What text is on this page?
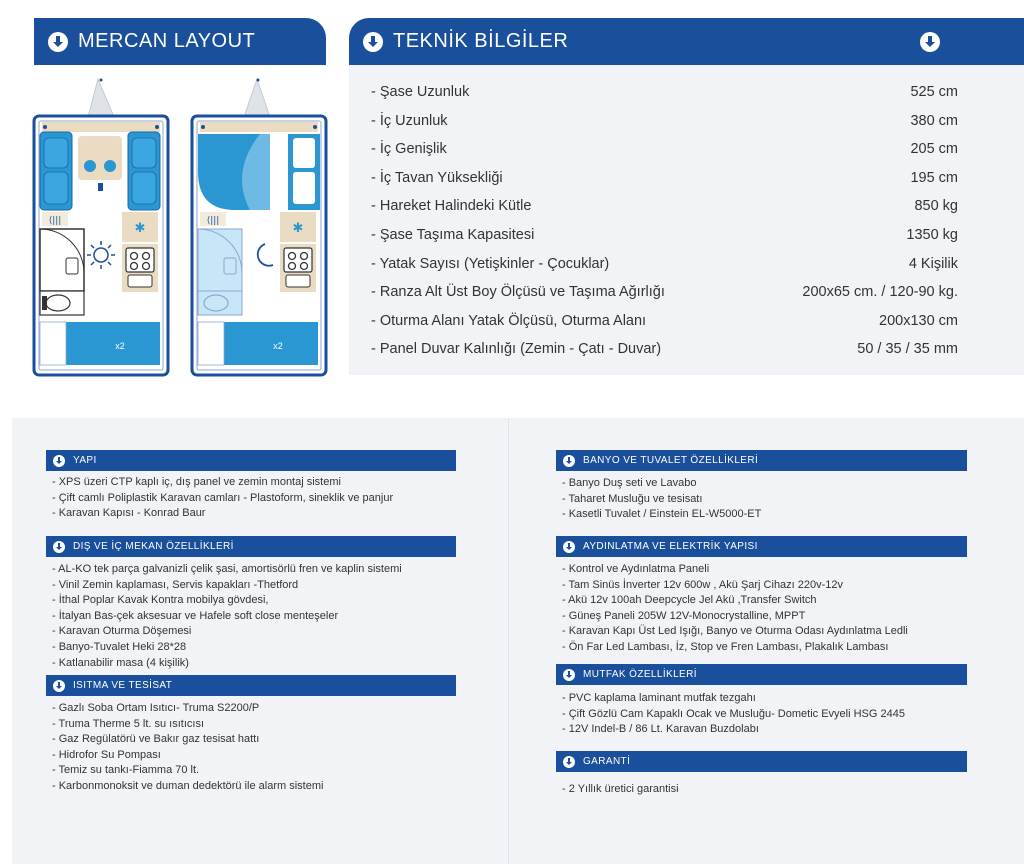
MERCAN LAYOUT	TEKNİK BİLGİLER
⟨|||	✱	⟨|||	✱
x2	x2
- Şase Uzunluk	525 cm
- İç Uzunluk	380 cm
- İç Genişlik	205 cm
- İç Tavan Yüksekliği	195 cm
- Hareket Halindeki Kütle	850 kg
- Şase Taşıma Kapasitesi	1350 kg
- Yatak Sayısı (Yetişkinler - Çocuklar)	4 Kişilik
- Ranza Alt Üst Boy Ölçüsü ve Taşıma Ağırlığı	200x65 cm. / 120-90 kg.
- Oturma Alanı Yatak Ölçüsü, Oturma Alanı	200x130 cm
- Panel Duvar Kalınlığı (Zemin - Çatı - Duvar)	50 / 35 / 35 mm
YAPI
- XPS üzeri CTP kaplı iç, dış panel ve zemin montaj sistemi
- Çift camlı Poliplastik Karavan camları - Plastoform, sineklik ve panjur
- Karavan Kapısı - Konrad Baur
DIŞ VE İÇ MEKAN ÖZELLİKLERİ
- AL-KO tek parça galvanizli çelik şasi, amortisörlü fren ve kaplin sistemi
- Vinil Zemin kaplaması, Servis kapakları -Thetford
- İthal Poplar Kavak Kontra mobilya gövdesi,
- İtalyan Bas-çek aksesuar ve Hafele soft close menteşeler
- Karavan Oturma Döşemesi
- Banyo-Tuvalet Heki 28*28
- Katlanabilir masa (4 kişilik)
ISITMA VE TESİSAT
- Gazlı Soba Ortam Isıtıcı- Truma S2200/P
- Truma Therme 5 lt. su ısıtıcısı
- Gaz Regülatörü ve Bakır gaz tesisat hattı
- Hidrofor Su Pompası
- Temiz su tankı-Fiamma 70 lt.
- Karbonmonoksit ve duman dedektörü ile alarm sistemi
BANYO VE TUVALET ÖZELLİKLERİ
- Banyo Duş seti ve Lavabo
- Taharet Musluğu ve tesisatı
- Kasetli Tuvalet / Einstein EL-W5000-ET
AYDINLATMA VE ELEKTRİK YAPISI
- Kontrol ve Aydınlatma Paneli
- Tam Sinüs İnverter 12v 600w , Akü Şarj Cihazı 220v-12v
- Akü 12v 100ah Deepcycle Jel Akü ,Transfer Switch
- Güneş Paneli 205W 12V-Monocrystalline, MPPT
- Karavan Kapı Üst Led Işığı, Banyo ve Oturma Odası Aydınlatma Ledli
- Ön Far Led Lambası, İz, Stop ve Fren Lambası, Plakalık Lambası
MUTFAK ÖZELLİKLERİ
- PVC kaplama laminant mutfak tezgahı
- Çift Gözlü Cam Kapaklı Ocak ve Musluğu- Dometic Evyeli HSG 2445
- 12V Indel-B / 86 Lt. Karavan Buzdolabı
GARANTİ
- 2 Yıllık üretici garantisi
